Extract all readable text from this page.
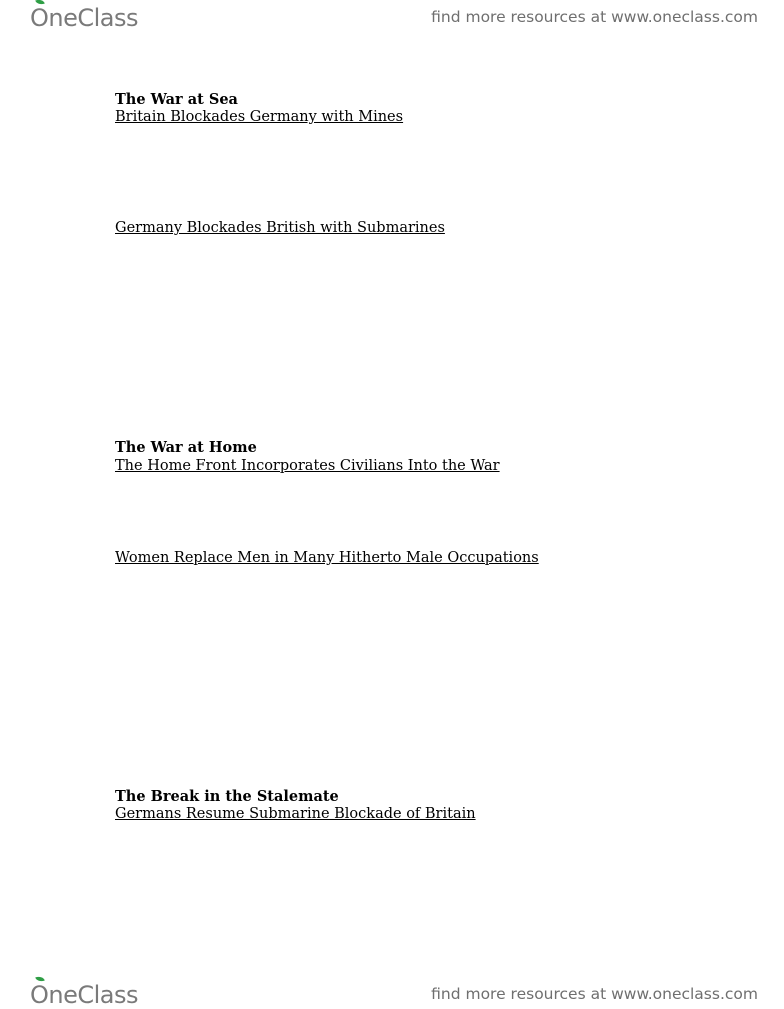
O neClass	find more resources at www.oneclass.com
The War at Sea
Britain Blockades Germany with Mines
Germany Blockades British with Submarines
The War at Home
The Home Front Incorporates Civilians Into the War
Women Replace Men in Many Hitherto Male Occupations
The Break in the Stalemate
Germans Resume Submarine Blockade of Britain
O neClass	find more resources at www.oneclass.com
